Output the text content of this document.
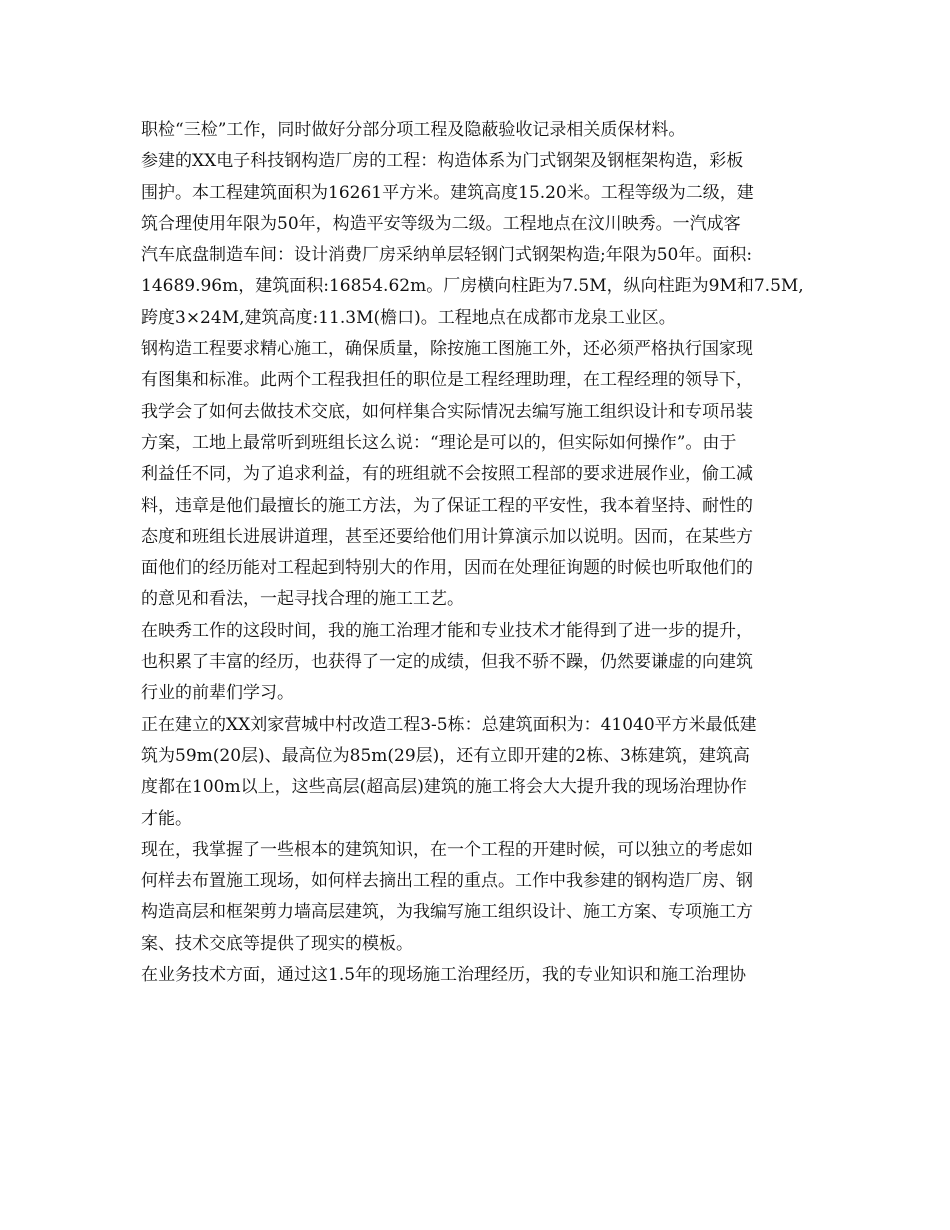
职检“三检”工作，同时做好分部分项工程及隐蔽验收记录相关质保材料。
参建的XX电子科技钢构造厂房的工程：构造体系为门式钢架及钢框架构造，彩板
围护。本工程建筑面积为16261平方米。建筑高度15.20米。工程等级为二级，建
筑合理使用年限为50年，构造平安等级为二级。工程地点在汶川映秀。一汽成客
汽车底盘制造车间：设计消费厂房采纳单层轻钢门式钢架构造;年限为50年。面积:
14689.96m，建筑面积:16854.62m。厂房横向柱距为7.5M，纵向柱距为9M和7.5M,
跨度3×24M,建筑高度:11.3M(檐口)。工程地点在成都市龙泉工业区。
钢构造工程要求精心施工，确保质量，除按施工图施工外，还必须严格执行国家现
有图集和标准。此两个工程我担任的职位是工程经理助理，在工程经理的领导下，
我学会了如何去做技术交底，如何样集合实际情况去编写施工组织设计和专项吊装
方案，工地上最常听到班组长这么说：“理论是可以的，但实际如何操作”。由于
利益任不同，为了追求利益，有的班组就不会按照工程部的要求进展作业，偷工减
料，违章是他们最擅长的施工方法，为了保证工程的平安性，我本着坚持、耐性的
态度和班组长进展讲道理，甚至还要给他们用计算演示加以说明。因而，在某些方
面他们的经历能对工程起到特别大的作用，因而在处理征询题的时候也听取他们的
的意见和看法，一起寻找合理的施工工艺。
在映秀工作的这段时间，我的施工治理才能和专业技术才能得到了进一步的提升，
也积累了丰富的经历，也获得了一定的成绩，但我不骄不躁，仍然要谦虚的向建筑
行业的前辈们学习。
正在建立的XX刘家营城中村改造工程3-5栋：总建筑面积为：41040平方米最低建
筑为59m(20层)、最高位为85m(29层)，还有立即开建的2栋、3栋建筑，建筑高
度都在100m以上，这些高层(超高层)建筑的施工将会大大提升我的现场治理协作
才能。
现在，我掌握了一些根本的建筑知识，在一个工程的开建时候，可以独立的考虑如
何样去布置施工现场，如何样去摘出工程的重点。工作中我参建的钢构造厂房、钢
构造高层和框架剪力墙高层建筑，为我编写施工组织设计、施工方案、专项施工方
案、技术交底等提供了现实的模板。
在业务技术方面，通过这1.5年的现场施工治理经历，我的专业知识和施工治理协
